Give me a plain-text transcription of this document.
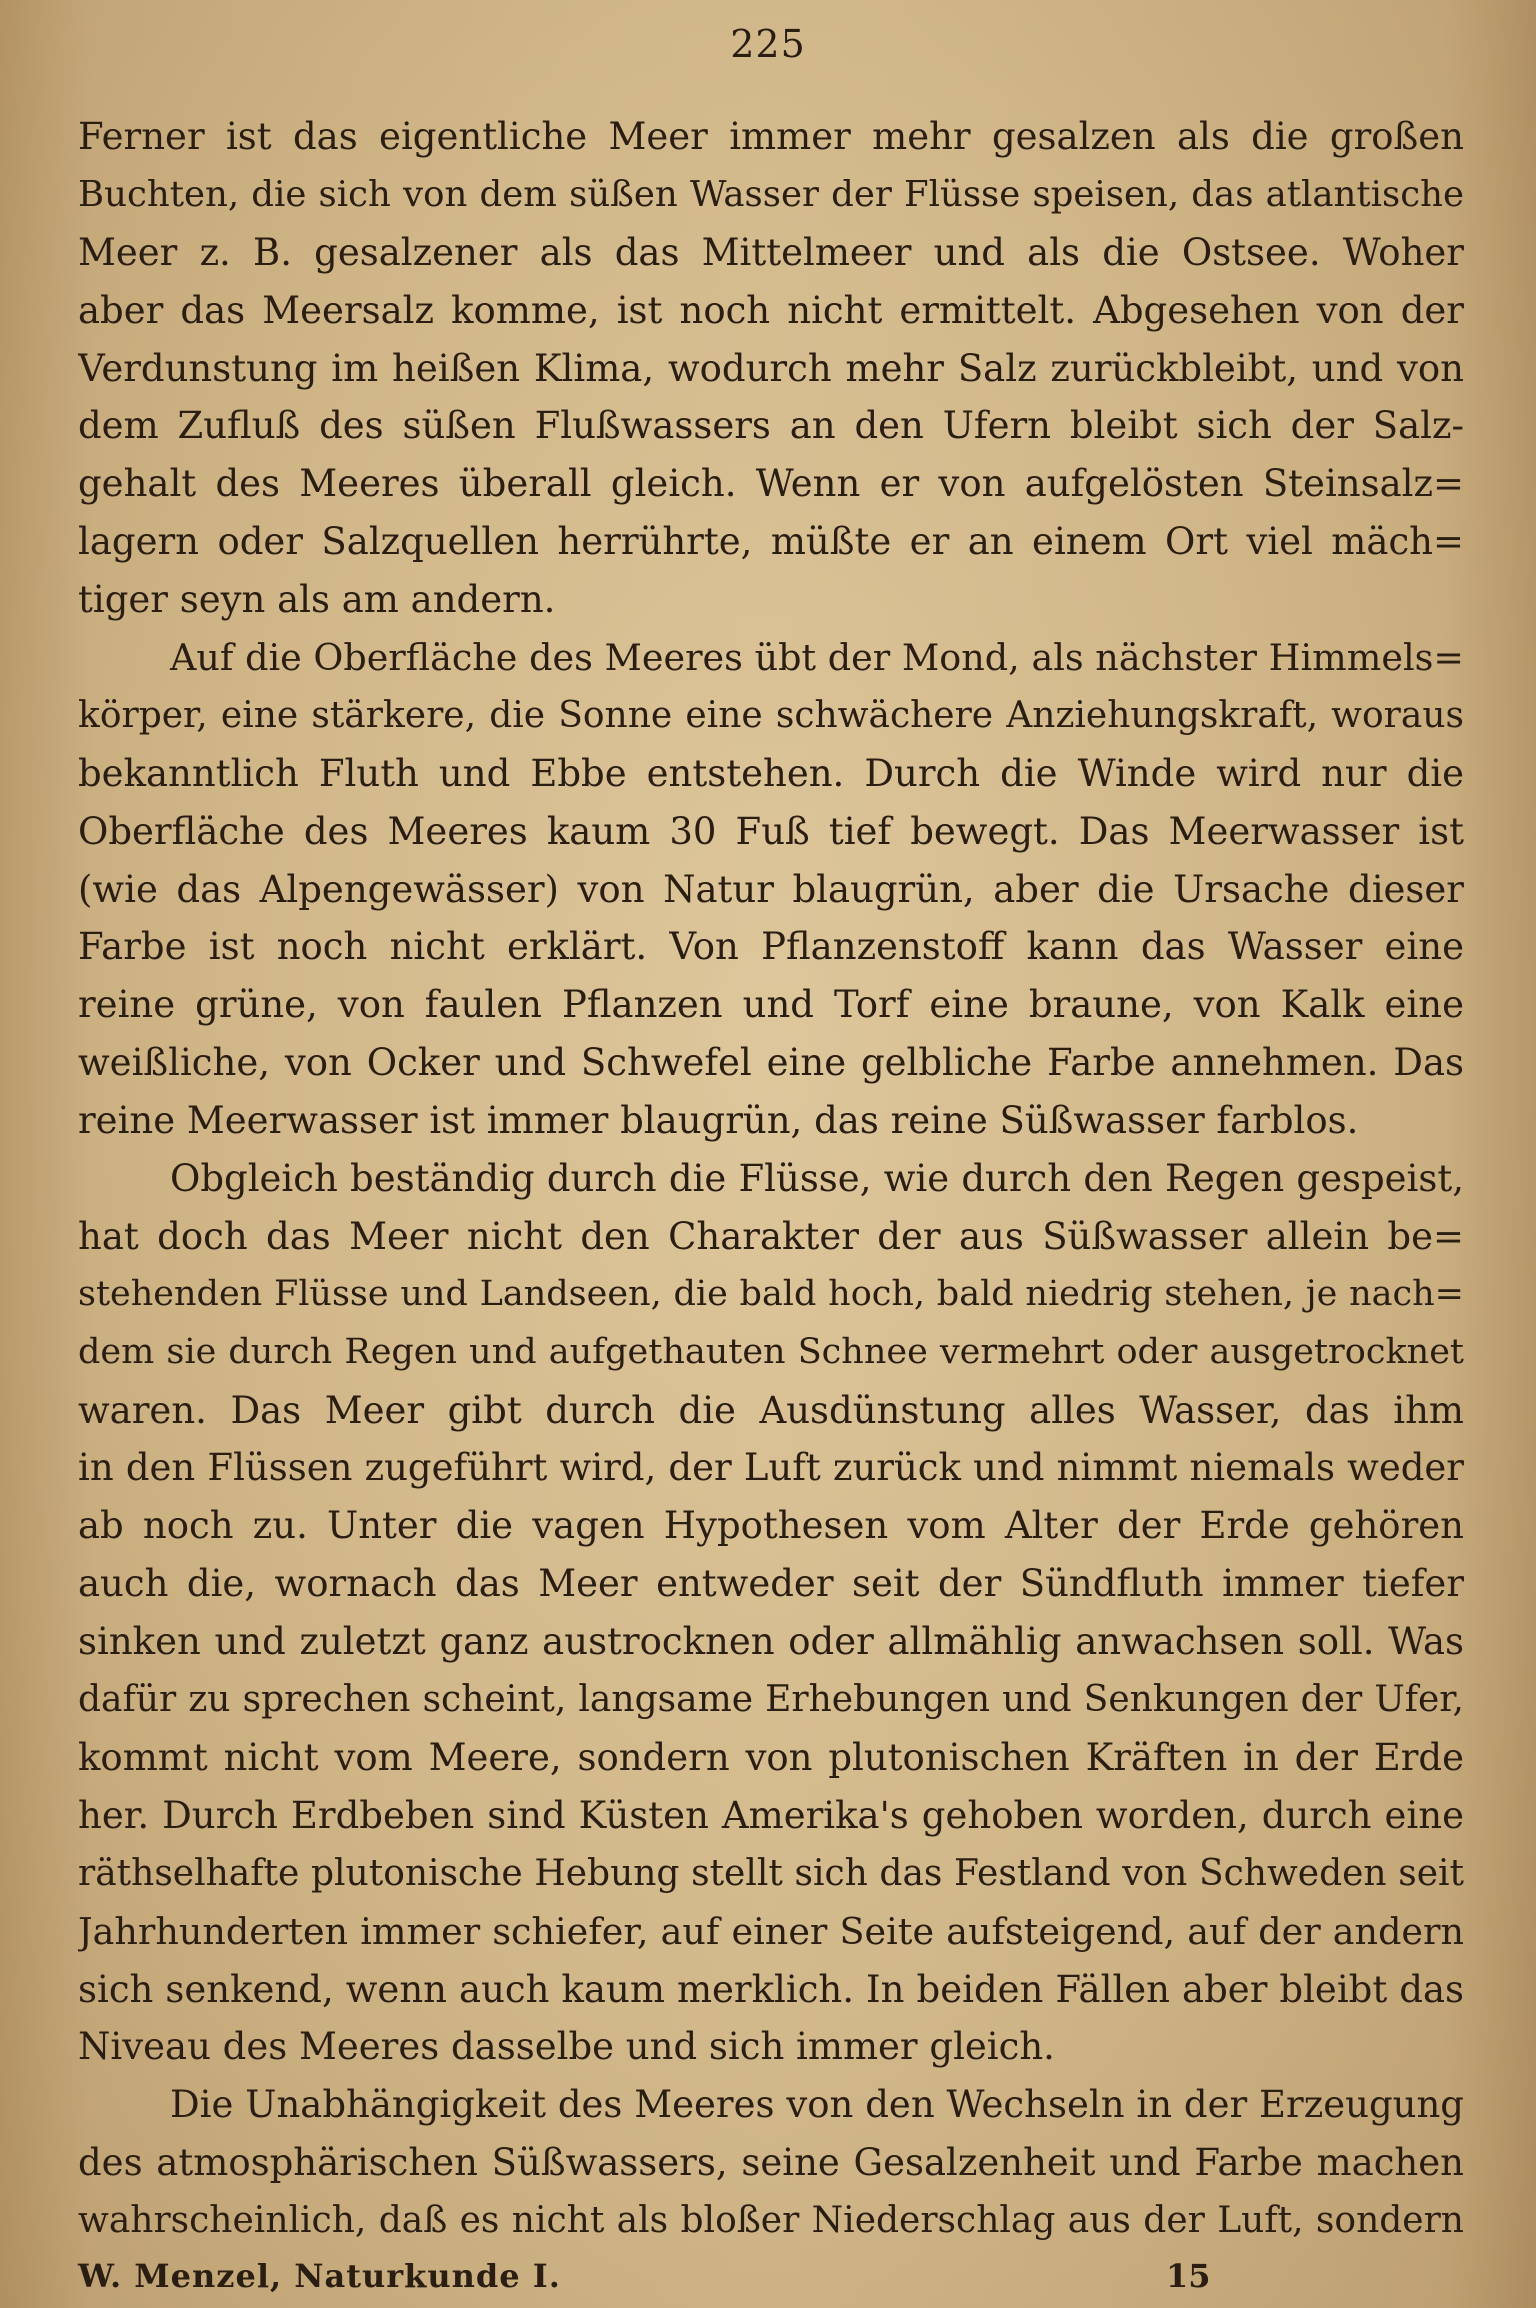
225
Ferner ist das eigentliche Meer immer mehr gesalzen als die großen
Buchten, die sich von dem süßen Wasser der Flüsse speisen, das atlantische
Meer z. B. gesalzener als das Mittelmeer und als die Ostsee. Woher
aber das Meersalz komme, ist noch nicht ermittelt. Abgesehen von der
Verdunstung im heißen Klima, wodurch mehr Salz zurückbleibt, und von
dem Zufluß des süßen Flußwassers an den Ufern bleibt sich der Salz-
gehalt des Meeres überall gleich. Wenn er von aufgelösten Steinsalz=
lagern oder Salzquellen herrührte, müßte er an einem Ort viel mäch=
tiger seyn als am andern.
Auf die Oberfläche des Meeres übt der Mond, als nächster Himmels=
körper, eine stärkere, die Sonne eine schwächere Anziehungskraft, woraus
bekanntlich Fluth und Ebbe entstehen. Durch die Winde wird nur die
Oberfläche des Meeres kaum 30 Fuß tief bewegt. Das Meerwasser ist
(wie das Alpengewässer) von Natur blaugrün, aber die Ursache dieser
Farbe ist noch nicht erklärt. Von Pflanzenstoff kann das Wasser eine
reine grüne, von faulen Pflanzen und Torf eine braune, von Kalk eine
weißliche, von Ocker und Schwefel eine gelbliche Farbe annehmen. Das
reine Meerwasser ist immer blaugrün, das reine Süßwasser farblos.
Obgleich beständig durch die Flüsse, wie durch den Regen gespeist,
hat doch das Meer nicht den Charakter der aus Süßwasser allein be=
stehenden Flüsse und Landseen, die bald hoch, bald niedrig stehen, je nach=
dem sie durch Regen und aufgethauten Schnee vermehrt oder ausgetrocknet
waren. Das Meer gibt durch die Ausdünstung alles Wasser, das ihm
in den Flüssen zugeführt wird, der Luft zurück und nimmt niemals weder
ab noch zu. Unter die vagen Hypothesen vom Alter der Erde gehören
auch die, wornach das Meer entweder seit der Sündfluth immer tiefer
sinken und zuletzt ganz austrocknen oder allmählig anwachsen soll. Was
dafür zu sprechen scheint, langsame Erhebungen und Senkungen der Ufer,
kommt nicht vom Meere, sondern von plutonischen Kräften in der Erde
her. Durch Erdbeben sind Küsten Amerika's gehoben worden, durch eine
räthselhafte plutonische Hebung stellt sich das Festland von Schweden seit
Jahrhunderten immer schiefer, auf einer Seite aufsteigend, auf der andern
sich senkend, wenn auch kaum merklich. In beiden Fällen aber bleibt das
Niveau des Meeres dasselbe und sich immer gleich.
Die Unabhängigkeit des Meeres von den Wechseln in der Erzeugung
des atmosphärischen Süßwassers, seine Gesalzenheit und Farbe machen
wahrscheinlich, daß es nicht als bloßer Niederschlag aus der Luft, sondern
W. Menzel, Naturkunde I.	15
